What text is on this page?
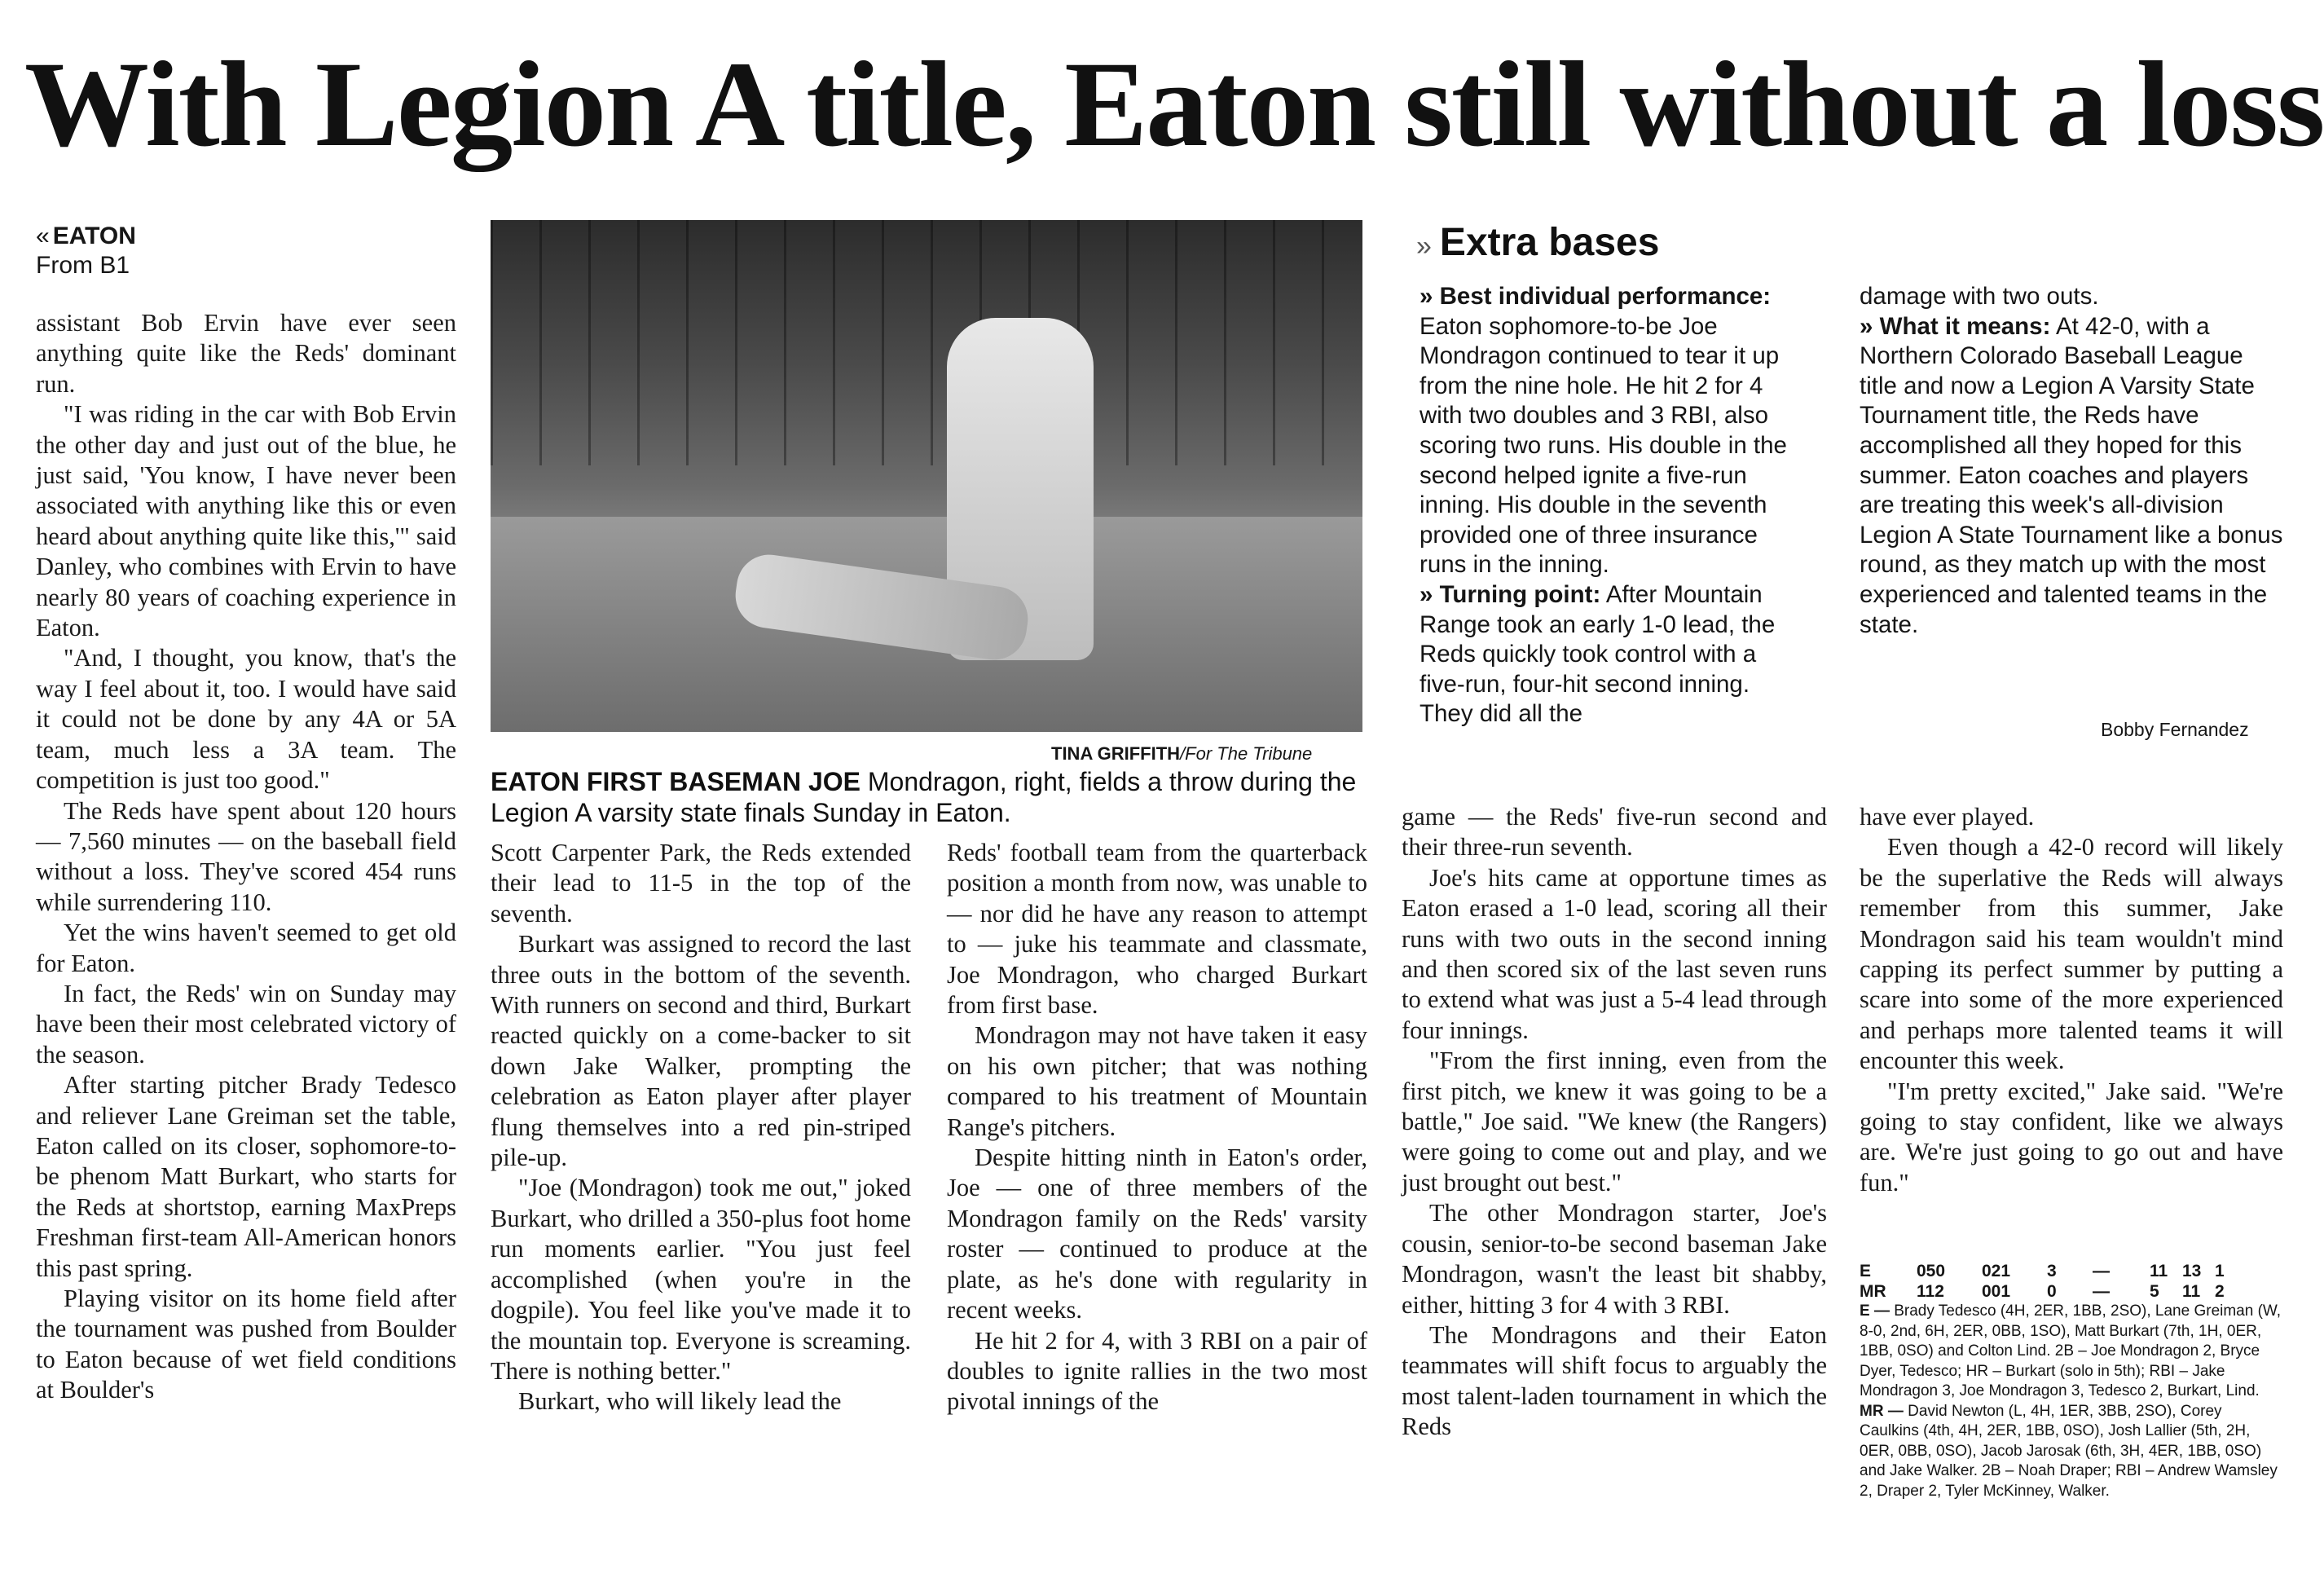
With Legion A title, Eaton still without a loss
« EATON
From B1

assistant Bob Ervin have ever seen anything quite like the Reds' dominant run.

"I was riding in the car with Bob Ervin the other day and just out of the blue, he just said, 'You know, I have never been associated with anything like this or even heard about anything quite like this,'" said Danley, who combines with Ervin to have nearly 80 years of coaching experience in Eaton.

"And, I thought, you know, that's the way I feel about it, too. I would have said it could not be done by any 4A or 5A team, much less a 3A team. The competition is just too good."

The Reds have spent about 120 hours — 7,560 minutes — on the baseball field without a loss. They've scored 454 runs while surrendering 110.

Yet the wins haven't seemed to get old for Eaton.

In fact, the Reds' win on Sunday may have been their most celebrated victory of the season.

After starting pitcher Brady Tedesco and reliever Lane Greiman set the table, Eaton called on its closer, sophomore-to-be phenom Matt Burkart, who starts for the Reds at shortstop, earning MaxPreps Freshman first-team All-American honors this past spring.

Playing visitor on its home field after the tournament was pushed from Boulder to Eaton because of wet field conditions at Boulder's

TINA GRIFFITH/For The Tribune
EATON FIRST BASEMAN JOE Mondragon, right, fields a throw during the Legion A varsity state finals Sunday in Eaton.

Scott Carpenter Park, the Reds extended their lead to 11-5 in the top of the seventh.

Burkart was assigned to record the last three outs in the bottom of the seventh. With runners on second and third, Burkart reacted quickly on a come-backer to sit down Jake Walker, prompting the celebration as Eaton player after player flung themselves into a red pin-striped pile-up.

"Joe (Mondragon) took me out," joked Burkart, who drilled a 350-plus foot home run moments earlier. "You just feel accomplished (when you're in the dogpile). You feel like you've made it to the mountain top. Everyone is screaming. There is nothing better."

Burkart, who will likely lead the

Reds' football team from the quarterback position a month from now, was unable to — nor did he have any reason to attempt to — juke his teammate and classmate, Joe Mondragon, who charged Burkart from first base.

Mondragon may not have taken it easy on his own pitcher; that was nothing compared to his treatment of Mountain Range's pitchers.

Despite hitting ninth in Eaton's order, Joe — one of three members of the Mondragon family on the Reds' varsity roster — continued to produce at the plate, as he's done with regularity in recent weeks.

He hit 2 for 4, with 3 RBI on a pair of doubles to ignite rallies in the two most pivotal innings of the

» Extra bases

» Best individual performance: Eaton sophomore-to-be Joe Mondragon continued to tear it up from the nine hole. He hit 2 for 4 with two doubles and 3 RBI, also scoring two runs. His double in the second helped ignite a five-run inning. His double in the seventh provided one of three insurance runs in the inning.

» Turning point: After Mountain Range took an early 1-0 lead, the Reds quickly took control with a five-run, four-hit second inning. They did all the

damage with two outs.

» What it means: At 42-0, with a Northern Colorado Baseball League title and now a Legion A Varsity State Tournament title, the Reds have accomplished all they hoped for this summer. Eaton coaches and players are treating this week's all-division Legion A State Tournament like a bonus round, as they match up with the most experienced and talented teams in the state.

Bobby Fernandez

game — the Reds' five-run second and their three-run seventh.

Joe's hits came at opportune times as Eaton erased a 1-0 lead, scoring all their runs with two outs in the second inning and then scored six of the last seven runs to extend what was just a 5-4 lead through four innings.

"From the first inning, even from the first pitch, we knew it was going to be a battle," Joe said. "We knew (the Rangers) were going to come out and play, and we just brought out best."

The other Mondragon starter, Joe's cousin, senior-to-be second baseman Jake Mondragon, wasn't the least bit shabby, either, hitting 3 for 4 with 3 RBI.

The Mondragons and their Eaton teammates will shift focus to arguably the most talent-laden tournament in which the Reds

have ever played.

Even though a 42-0 record will likely be the superlative the Reds will always remember from this summer, Jake Mondragon said his team wouldn't mind capping its perfect summer by putting a scare into some of the more experienced and perhaps more talented teams it will encounter this week.

"I'm pretty excited," Jake said. "We're going to stay confident, like we always are. We're just going to go out and have fun."

E	050	021	3	—	11 13 1
MR	112	001	0	—	5	11 2

E — Brady Tedesco (4H, 2ER, 1BB, 2SO), Lane Greiman (W, 8-0, 2nd, 6H, 2ER, 0BB, 1SO), Matt Burkart (7th, 1H, 0ER, 1BB, 0SO) and Colton Lind. 2B – Joe Mondragon 2, Bryce Dyer, Tedesco; HR – Burkart (solo in 5th); RBI – Jake Mondragon 3, Joe Mondragon 3, Tedesco 2, Burkart, Lind.

MR — David Newton (L, 4H, 1ER, 3BB, 2SO), Corey Caulkins (4th, 4H, 2ER, 1BB, 0SO), Josh Lallier (5th, 2H, 0ER, 0BB, 0SO), Jacob Jarosak (6th, 3H, 4ER, 1BB, 0SO) and Jake Walker. 2B – Noah Draper; RBI – Andrew Wamsley 2, Draper 2, Tyler McKinney, Walker.
